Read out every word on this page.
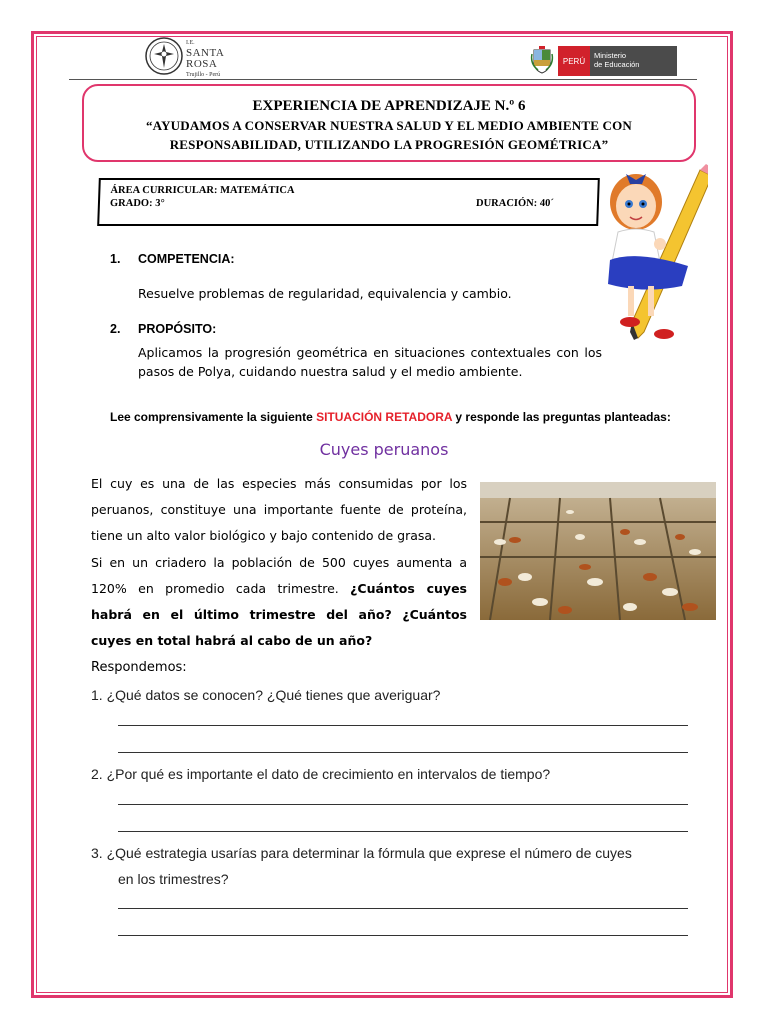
I.E.
SANTA
ROSA
Trujillo - Perú
PERÚ
Ministerio
de Educación
EXPERIENCIA DE APRENDIZAJE N.º 6
“AYUDAMOS A CONSERVAR NUESTRA SALUD Y EL MEDIO AMBIENTE CON
RESPONSABILIDAD, UTILIZANDO LA PROGRESIÓN GEOMÉTRICA”
ÁREA CURRICULAR: MATEMÁTICA
GRADO: 3°	DURACIÓN: 40´
1. COMPETENCIA:
Resuelve problemas de regularidad, equivalencia y cambio.
2. PROPÓSITO:
Aplicamos la progresión geométrica en situaciones contextuales con los
pasos de Polya, cuidando nuestra salud y el medio ambiente.
Lee comprensivamente la siguiente SITUACIÓN RETADORA y responde las preguntas planteadas:
Cuyes peruanos

El cuy es una de las especies más consumidas por los peruanos, constituye una importante fuente de proteína, tiene un alto valor biológico y bajo contenido de grasa.

Si en un criadero la población de 500 cuyes aumenta a 120% en promedio cada trimestre. ¿Cuántos cuyes habrá en el último trimestre del año? ¿Cuántos cuyes en total habrá al cabo de un año?

Respondemos:
1. ¿Qué datos se conocen? ¿Qué tienes que averiguar?
2. ¿Por qué es importante el dato de crecimiento en intervalos de tiempo?
3. ¿Qué estrategia usarías para determinar la fórmula que exprese el número de cuyes
en los trimestres?
